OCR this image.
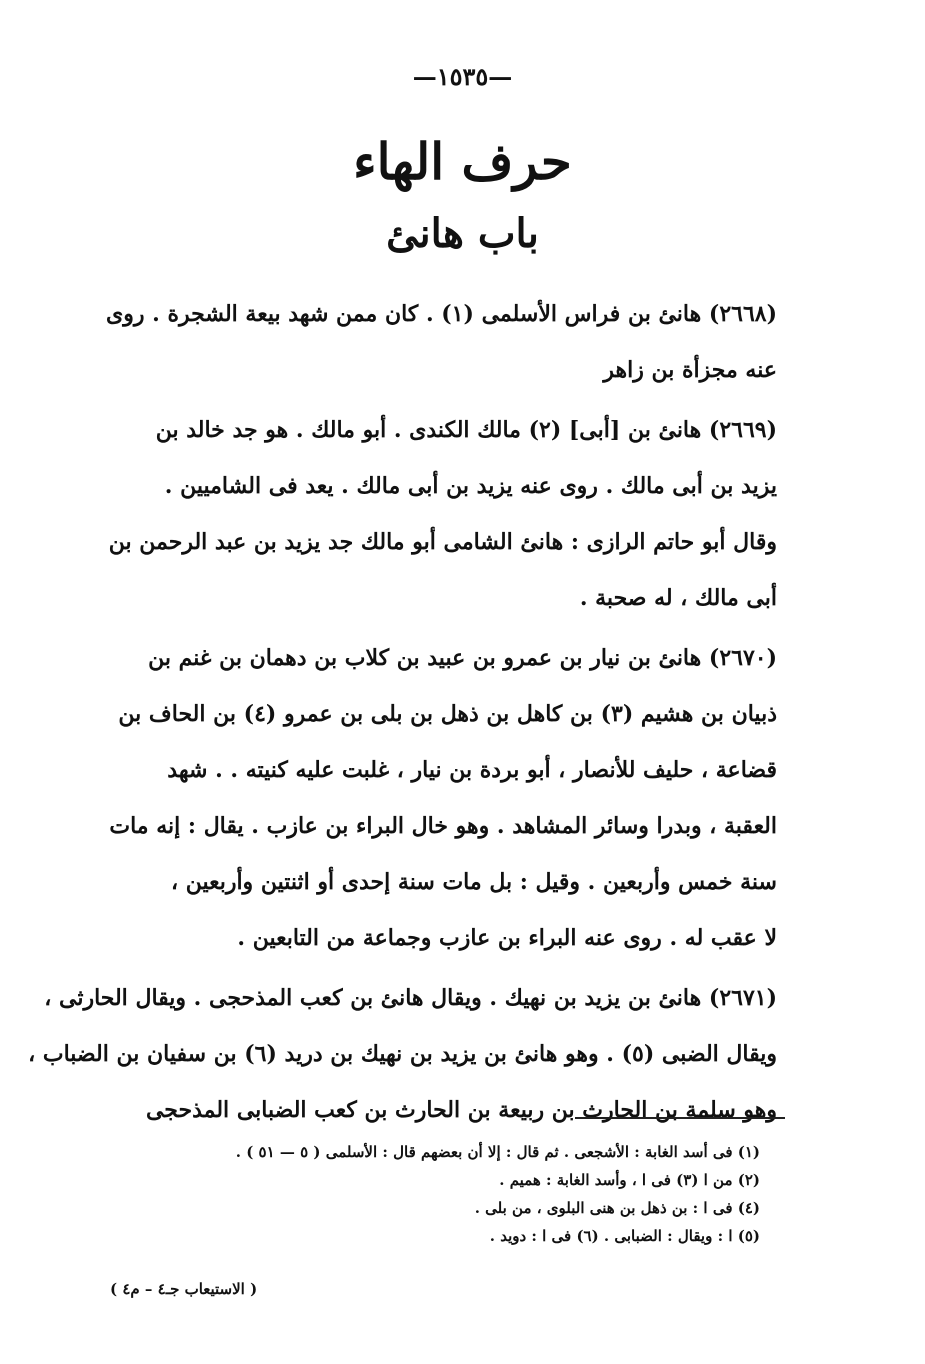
—١٥٣٥—
حرف الهاء
باب هانئ
(٢٦٦٨) هانئ بن فراس الأسلمى (١) . كان ممن شهد بيعة الشجرة . روى
عنه مجزأة بن زاهر
(٢٦٦٩) هانئ بن [أبى] (٢) مالك الكندى . أبو مالك . هو جد خالد بن
يزيد بن أبى مالك . روى عنه يزيد بن أبى مالك . يعد فى الشاميين .
وقال أبو حاتم الرازى : هانئ الشامى أبو مالك جد يزيد بن عبد الرحمن بن
أبى مالك ، له صحبة .
(٢٦٧٠) هانئ بن نيار بن عمرو بن عبيد بن كلاب بن دهمان بن غنم بن
ذبيان بن هشيم (٣) بن كاهل بن ذهل بن بلى بن عمرو (٤) بن الحاف بن
قضاعة ، حليف للأنصار ، أبو بردة بن نيار ، غلبت عليه كنيته . . شهد
العقبة ، وبدرا وسائر المشاهد . وهو خال البراء بن عازب . يقال : إنه مات
سنة خمس وأربعين . وقيل : بل مات سنة إحدى أو اثنتين وأربعين ،
لا عقب له . روى عنه البراء بن عازب وجماعة من التابعين .
(٢٦٧١) هانئ بن يزيد بن نهيك . ويقال هانئ بن كعب المذحجى . ويقال الحارثى ،
ويقال الضبى (٥) . وهو هانئ بن يزيد بن نهيك بن دريد (٦) بن سفيان بن الضباب ،
وهو سلمة بن الحارث بن ربيعة بن الحارث بن كعب الضبابى المذحجى
(١) فى أسد الغابة : الأشجعى . ثم قال : إلا أن بعضهم قال : الأسلمى ( ٥ — ٥١ ) .
(٢) من ا (٣) فى ا ، وأسد الغابة : هميم .
(٤) فى ا : بن ذهل بن هنى البلوى ، من بلى .
(٥) ا : ويقال : الضبابى . (٦) فى ا : دويد .
( الاستيعاب جـ٤ – م٤ )
